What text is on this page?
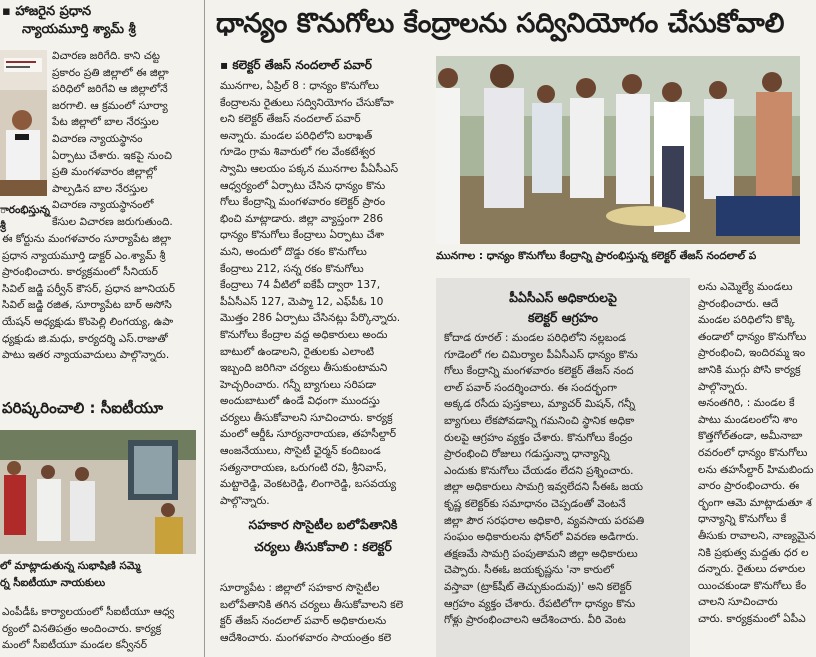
▪ హాజరైన ప్రధాన
న్యాయమూర్తి శ్యామ్ శ్రీ
ారంభిస్తున్న
శ్రీ

విచారణ జరిగేది. కాని చట్ట

ప్రకారం ప్రతి జిల్లాలో ఈ జిల్లా

పరిధిలో జరిగేవి ఆ జిల్లాలోనే

జరగాలి. ఆ క్రమంలో సూర్యా

పేట జిల్లాలో బాల నేరస్తుల

విచారణ న్యాయస్థానం

ఏర్పాటు చేశారు. ఇకపై నుంచి

ప్రతి మంగళవారం జిల్లాల్లో

పాల్పడిన బాల నేరస్తుల

విచారణ న్యాయస్థానంలో

కేసుల విచారణ జరుగుతుంది.

ఈ కోర్టును మంగళవారం సూర్యాపేట జిల్లా

ప్రధాన న్యాయమూర్తి డాక్టర్ ఎం.శ్యామ్ శ్రీ

ప్రారంభించారు. కార్యక్రమంలో సీనియర్

సివిల్ జడ్జి పర్వీన్ కౌసర్, ప్రధాన జూనియర్

సివిల్ జడ్జి రజిత, సూర్యాపేట బార్ అసోసి

యేషన్ అధ్యక్షుడు కొంపెల్లి లింగయ్య, ఉపా

ధ్యక్షుడు జి.మధు, కార్యదర్శి ఎస్.రాజుతో

పాటు ఇతర న్యాయవాదులు పాల్గొన్నారు.

పరిష్కరించాలి : సీఐటీయూ
లో మాట్లాడుతున్న సుభాషిణి సమ్మె
ర్న సీఐటీయూ నాయకులు

ఎంపీడీఓ కార్యాలయంలో సీఐటీయూ ఆధ్వ

ర్యంలో వినతిపత్రం అందించారు. కార్యక్ర

మంలో సీఐటీయూ మండల కన్వీనర్

ధాన్యం కొనుగోలు కేంద్రాలను సద్వినియోగం చేసుకోవాలి
▪ కలెక్టర్ తేజస్ నందలాల్ పవార్

మునగాల, ఏప్రిల్ 8 : ధాన్యం కొనుగోలు

కేంద్రాలను రైతులు సద్వినియోగం చేసుకోవా

లని కలెక్టర్ తేజస్ నందలాల్ పవార్

అన్నారు. మండల పరిధిలోని బరాఖత్

గూడెం గ్రామ శివారులో గల వేంకటేశ్వర

స్వామి ఆలయం పక్కన మునగాల పీఏసీఎస్

ఆధ్వర్యంలో ఏర్పాటు చేసిన ధాన్యం కొను

గోలు కేంద్రాన్ని మంగళవారం కలెక్టర్ ప్రారం

భించి మాట్లాడారు. జిల్లా వ్యాప్తంగా 286

ధాన్యం కొనుగోలు కేంద్రాలు ఏర్పాటు చేశా

మని, అందులో దొడ్డు రకం కొనుగోలు

కేంద్రాలు 212, సన్న రకం కొనుగోలు

కేంద్రాలు 74 వీటిలో ఐకేపీ ద్వారా 137,

పీఏసీఎస్ 127, మెప్మా 12, ఎఫ్‌పీఓ 10

మొత్తం 286 ఏర్పాటు చేసినట్లు పేర్కొన్నారు.

కొనుగోలు కేంద్రాల వద్ద అధికారులు అందు

బాటులో ఉండాలని, రైతులకు ఎలాంటి

ఇబ్బంది జరిగినా చర్యలు తీసుకుంటామని

హెచ్చరించారు. గన్నీ బ్యాగులు సరిపడా

అందుబాటులో ఉండే విధంగా ముందస్తు

చర్యలు తీసుకోవాలని సూచించారు. కార్యక్ర

మంలో ఆర్డీఓ సూర్యనారాయణ, తహసీల్దార్

ఆంజనేయులు, సొసైటీ ఛైర్మన్ కందిబండ

సత్యనారాయణ, ఒరుగంటి రవి, శ్రీనివాస్,

మట్టారెడ్డి, వెంకటరెడ్డి, లింగారెడ్డి, బసవయ్య

పాల్గొన్నారు.

సహకార సొసైటీల బలోపేతానికి
చర్యలు తీసుకోవాలి : కలెక్టర్

సూర్యాపేట : జిల్లాలో సహకార సొసైటీల

బలోపేతానికి తగిన చర్యలు తీసుకోవాలని కలె

క్టర్ తేజస్ నందలాల్ పవార్ అధికారులను

ఆదేశించారు. మంగళవారం సాయంత్రం కలె

మునగాల : ధాన్యం కొనుగోలు కేంద్రాన్ని ప్రారంభిస్తున్న కలెక్టర్ తేజస్ నందలాల్ ప
పీఏసీఎస్ అధికారులపై
కలెక్టర్ ఆగ్రహం

కోదాడ రూరల్ : మండల పరిధిలోని నల్లబండ

గూడెంలో గల చిమిర్యాల పీఏసీఎస్ ధాన్యం కొను

గోలు కేంద్రాన్ని మంగళవారం కలెక్టర్ తేజస్ నంద

లాల్ పవార్ సందర్శించారు. ఈ సందర్భంగా

అక్కడ రసీదు పుస్తకాలు, మ్యాచర్ మిషన్, గన్నీ

బ్యాగులు లేకపోవడాన్ని గమనించి స్థానిక అధికా

రులపై ఆగ్రహం వ్యక్తం చేశారు. కొనుగోలు కేంద్రం

ప్రారంభించి రోజులు గడుస్తున్నా ధాన్యాన్ని

ఎందుకు కొనుగోలు చేయడం లేదని ప్రశ్నించారు.

జిల్లా అధికారులు సామగ్రి ఇవ్వలేదని సీఈఓ జయ

కృష్ణ కలెక్టర్‌కు సమాధానం చెప్పడంతో వెంటనే

జిల్లా పౌర సరఫరాల అధికారి, వ్యవసాయ పరపతి

సంఘం అధికారులను ఫోన్‌లో వివరణ అడిగారు.

తక్షణమే సామగ్రి పంపుతామని జిల్లా అధికారులు

చెప్పారు. సీఈఓ జయకృష్ణను 'నా కారులో

వస్తావా (ట్రాక్‌షీట్ తెచ్చుకుందువు)' అని కలెక్టర్

ఆగ్రహం వ్యక్తం చేశారు. రేపటిలోగా ధాన్యం కొను

గోళ్లు ప్రారంభించాలని ఆదేశించారు. వీరి వెంట

లను ఎమ్మెల్యే మండలు

ప్రారంభించారు. ఆదే

మండల పరిధిలోని కొక్కి

తండాలో ధాన్యం కొనుగోలు

ప్రారంభించి, ఇందిరమ్మ ఇం

జానికి ముగ్గు పోసి కార్యక్ర

పాల్గొన్నారు.

అనంతగిరి, : మండల కే

పాటు మండలంలోని శాం

కొత్తగోల్‌తండా, అమీనాబా

రవరంలో ధాన్యం కొనుగోలు

లను తహసీల్దార్ హిమబిందు

వారం ప్రారంభించారు. ఈ

ర్భంగా ఆమె మాట్లాడుతూ శ

ధాన్యాన్ని కొనుగోలు కే

తీసుకు రావాలని, నాణ్యమైన

నికి ప్రభుత్వ మద్దతు ధర ల

దన్నారు. రైతులు దళారుల

యించకుండా కొనుగోలు కేం

చాలని సూచించారు

చారు. కార్యక్రమంలో ఏపీఎ
